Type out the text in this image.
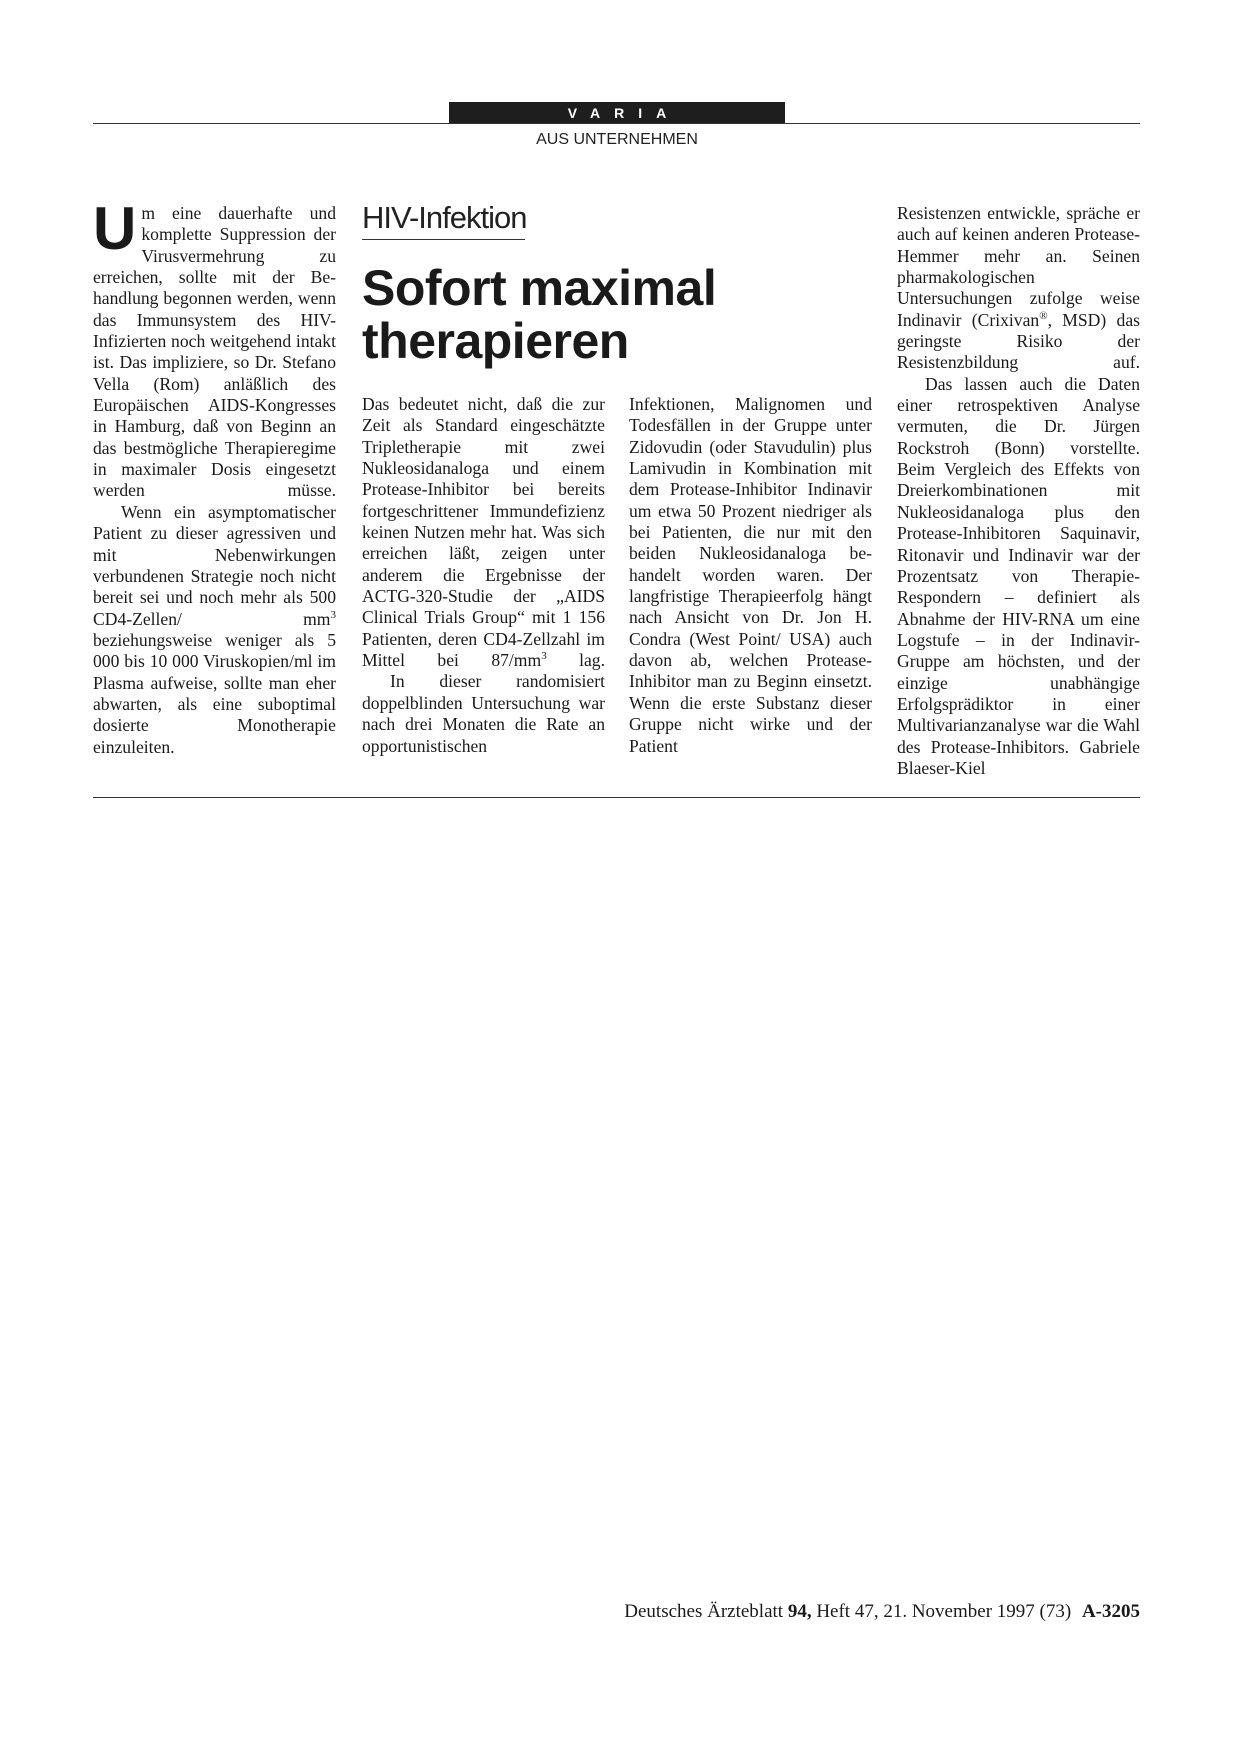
VARIA
AUS UNTERNEHMEN

Um eine dauerhafte und komplette Suppression der Virusvermehrung zu erreichen, sollte mit der Behandlung begonnen werden, wenn das Immunsystem des HIV-Infizierten noch weitgehend intakt ist. Das impliziere, so Dr. Stefano Vella (Rom) anläßlich des Europäischen AIDS-Kongresses in Hamburg, daß von Beginn an das bestmögliche Therapieregime in maximaler Dosis eingesetzt werden müsse.

Wenn ein asymptomatischer Patient zu dieser agressiven und mit Nebenwirkungen verbundenen Strategie noch nicht bereit sei und noch mehr als 500 CD4-Zellen/ $mm^3$ beziehungsweise weniger als 5 000 bis 10 000 Viruskopien/ml im Plasma aufweise, sollte man eher abwarten, als eine suboptimal dosierte Monotherapie einzuleiten.

HIV-Infektion
Sofort maximal
therapieren

Das bedeutet nicht, daß die zur Zeit als Standard eingeschätzte Tripletherapie mit zwei Nukleosidanaloga und einem Protease-Inhibitor bei bereits fortgeschrittener Immundefizienz keinen Nutzen mehr hat. Was sich erreichen läßt, zeigen unter anderem die Ergebnisse der ACTG-320-Studie der „AIDS Clinical Trials Group“ mit 1 156 Patienten, deren CD4-Zellzahl im Mittel bei $87/mm^3$ lag.

In dieser randomisiert doppelblinden Untersuchung war nach drei Monaten die Rate an opportunistischen

Infektionen, Malignomen und Todesfällen in der Gruppe unter Zidovudin (oder Stavudulin) plus Lamivudin in Kombination mit dem Protease-Inhibitor Indinavir um etwa 50 Prozent niedriger als bei Patienten, die nur mit den beiden Nukleosidanaloga behandelt worden waren. Der langfristige Therapieerfolg hängt nach Ansicht von Dr. Jon H. Condra (West Point/ USA) auch davon ab, welchen Protease-Inhibitor man zu Beginn einsetzt. Wenn die erste Substanz dieser Gruppe nicht wirke und der Patient

Resistenzen entwickle, spräche er auch auf keinen anderen Protease-Hemmer mehr an. Seinen pharmakologischen Untersuchungen zufolge weise Indinavir (Crixivan®, MSD) das geringste Risiko der Resistenzbildung auf.

Das lassen auch die Daten einer retrospektiven Analyse vermuten, die Dr. Jürgen Rockstroh (Bonn) vorstellte. Beim Vergleich des Effekts von Dreierkombinationen mit Nukleosidanaloga plus den Protease-Inhibitoren Saquinavir, Ritonavir und Indinavir war der Prozentsatz von Therapie-Respondern – definiert als Abnahme der HIV-RNA um eine Logstufe – in der Indinavir-Gruppe am höchsten, und der einzige unabhängige Erfolgsprädiktor in einer Multivarianzanalyse war die Wahl des Protease-Inhibitors. Gabriele Blaeser-Kiel

Deutsches Ärzteblatt 94, Heft 47, 21. November 1997 (73) A-3205
